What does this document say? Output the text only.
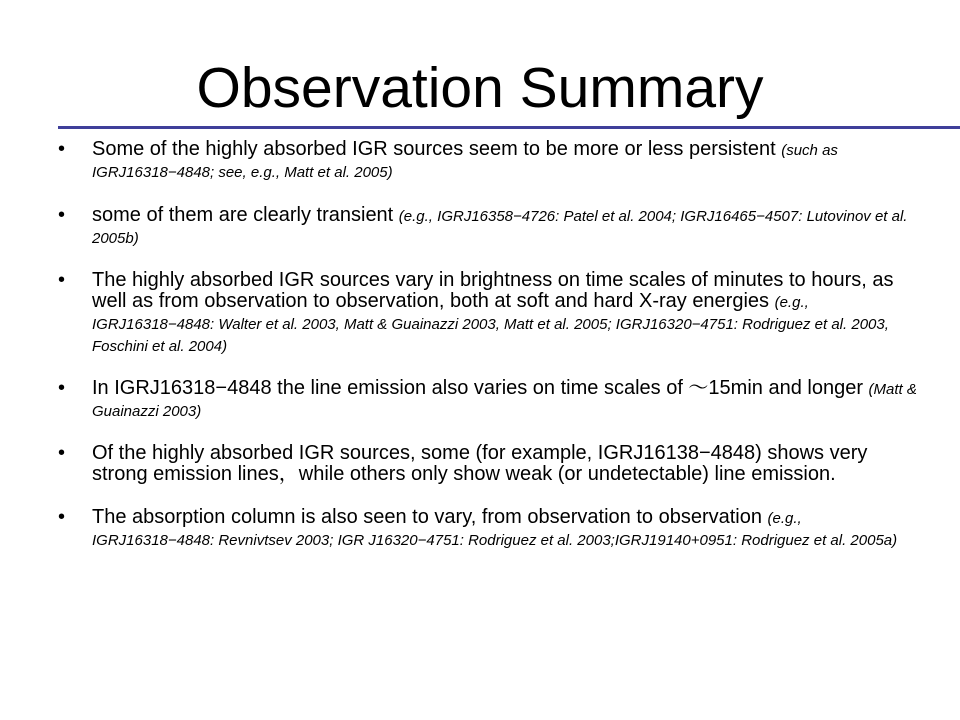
Observation Summary
• Some of the highly absorbed IGR sources seem to be more or less persistent (such as IGRJ16318−4848; see, e.g., Matt et al. 2005)
• some of them are clearly transient (e.g., IGRJ16358−4726: Patel et al. 2004; IGRJ16465−4507: Lutovinov et al. 2005b)
• The highly absorbed IGR sources vary in brightness on time scales of minutes to hours, as well as from observation to observation, both at soft and hard X-ray energies (e.g., IGRJ16318−4848: Walter et al. 2003, Matt & Guainazzi 2003, Matt et al. 2005; IGRJ16320−4751: Rodriguez et al. 2003, Foschini et al. 2004)
• In IGRJ16318−4848 the line emission also varies on time scales of ～15min and longer (Matt & Guainazzi 2003)
• Of the highly absorbed IGR sources, some (for example, IGRJ16138−4848) shows very strong emission lines，while others only show weak (or undetectable) line emission.
• The absorption column is also seen to vary, from observation to observation (e.g., IGRJ16318−4848: Revnivtsev 2003; IGR J16320−4751: Rodriguez et al. 2003;IGRJ19140+0951: Rodriguez et al. 2005a)
